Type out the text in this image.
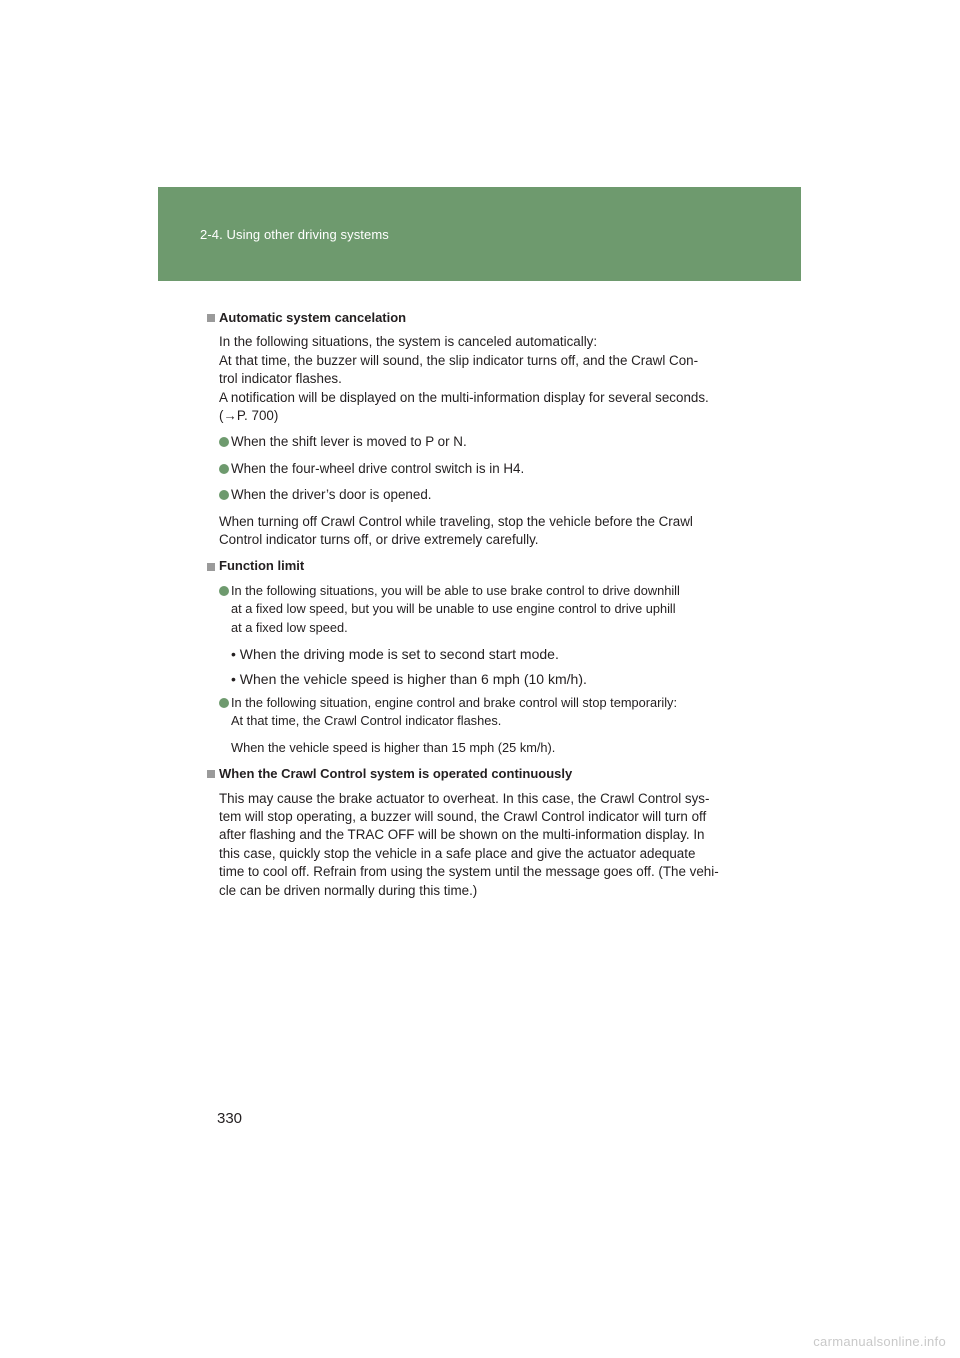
2-4. Using other driving systems
Automatic system cancelation
In the following situations, the system is canceled automatically:
At that time, the buzzer will sound, the slip indicator turns off, and the Crawl Con-
trol indicator flashes.
A notification will be displayed on the multi-information display for several seconds.
(→P. 700)
When the shift lever is moved to P or N.
When the four-wheel drive control switch is in H4.
When the driver’s door is opened.
When turning off Crawl Control while traveling, stop the vehicle before the Crawl
Control indicator turns off, or drive extremely carefully.
Function limit
In the following situations, you will be able to use brake control to drive downhill
at a fixed low speed, but you will be unable to use engine control to drive uphill
at a fixed low speed.
• When the driving mode is set to second start mode.
• When the vehicle speed is higher than 6 mph (10 km/h).
In the following situation, engine control and brake control will stop temporarily:
At that time, the Crawl Control indicator flashes.
When the vehicle speed is higher than 15 mph (25 km/h).
When the Crawl Control system is operated continuously
This may cause the brake actuator to overheat. In this case, the Crawl Control sys-
tem will stop operating, a buzzer will sound, the Crawl Control indicator will turn off
after flashing and the TRAC OFF will be shown on the multi-information display. In
this case, quickly stop the vehicle in a safe place and give the actuator adequate
time to cool off. Refrain from using the system until the message goes off. (The vehi-
cle can be driven normally during this time.)
330
carmanualsonline.info
